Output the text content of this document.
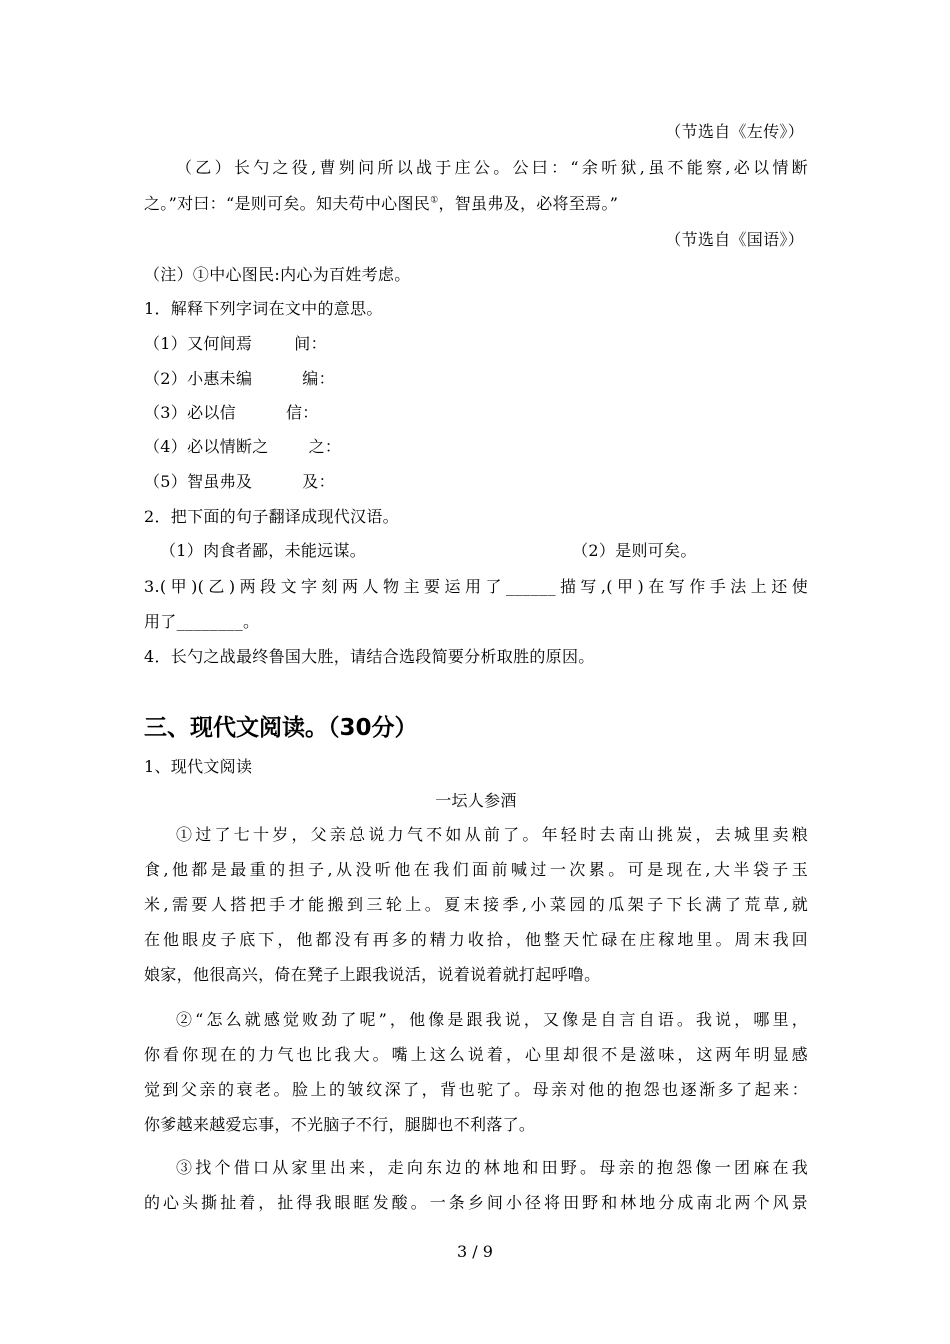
（节选自《左传》）
（乙）长勺之役,曹刿问所以战于庄公。公曰：“余听狱,虽不能察,必以情断
之。”对曰：“是则可矣。知夫苟中心图民①，智虽弗及，必将至焉。”
（节选自《国语》）
（注）①中心图民:内心为百姓考虑。
1．解释下列字词在文中的意思。
（1）又何间焉	间：
（2）小惠未编	编：
（3）必以信	信：
（4）必以情断之	之：
（5）智虽弗及	及：
2．把下面的句子翻译成现代汉语。
（1）肉食者鄙，未能远谋。	（2）是则可矣。
3.(甲)(乙)两段文字刻两人物主要运用了______描写,(甲)在写作手法上还使
用了________。
4．长勺之战最终鲁国大胜，请结合选段简要分析取胜的原因。
三、现代文阅读。（30分）
1、现代文阅读
一坛人参酒
①过了七十岁，父亲总说力气不如从前了。年轻时去南山挑炭，去城里卖粮
食,他都是最重的担子,从没听他在我们面前喊过一次累。可是现在,大半袋子玉
米,需要人搭把手才能搬到三轮上。夏末接季,小菜园的瓜架子下长满了荒草,就
在他眼皮子底下，他都没有再多的精力收拾，他整天忙碌在庄稼地里。周末我回
娘家，他很高兴，倚在凳子上跟我说活，说着说着就打起呼噜。
②“怎么就感觉败劲了呢”，他像是跟我说，又像是自言自语。我说，哪里，
你看你现在的力气也比我大。嘴上这么说着，心里却很不是滋味，这两年明显感
觉到父亲的衰老。脸上的皱纹深了，背也驼了。母亲对他的抱怨也逐渐多了起来：
你爹越来越爱忘事，不光脑子不行，腿脚也不利落了。
③找个借口从家里出来，走向东边的林地和田野。母亲的抱怨像一团麻在我
的心头撕扯着，扯得我眼眶发酸。一条乡间小径将田野和林地分成南北两个风景
3 / 9
